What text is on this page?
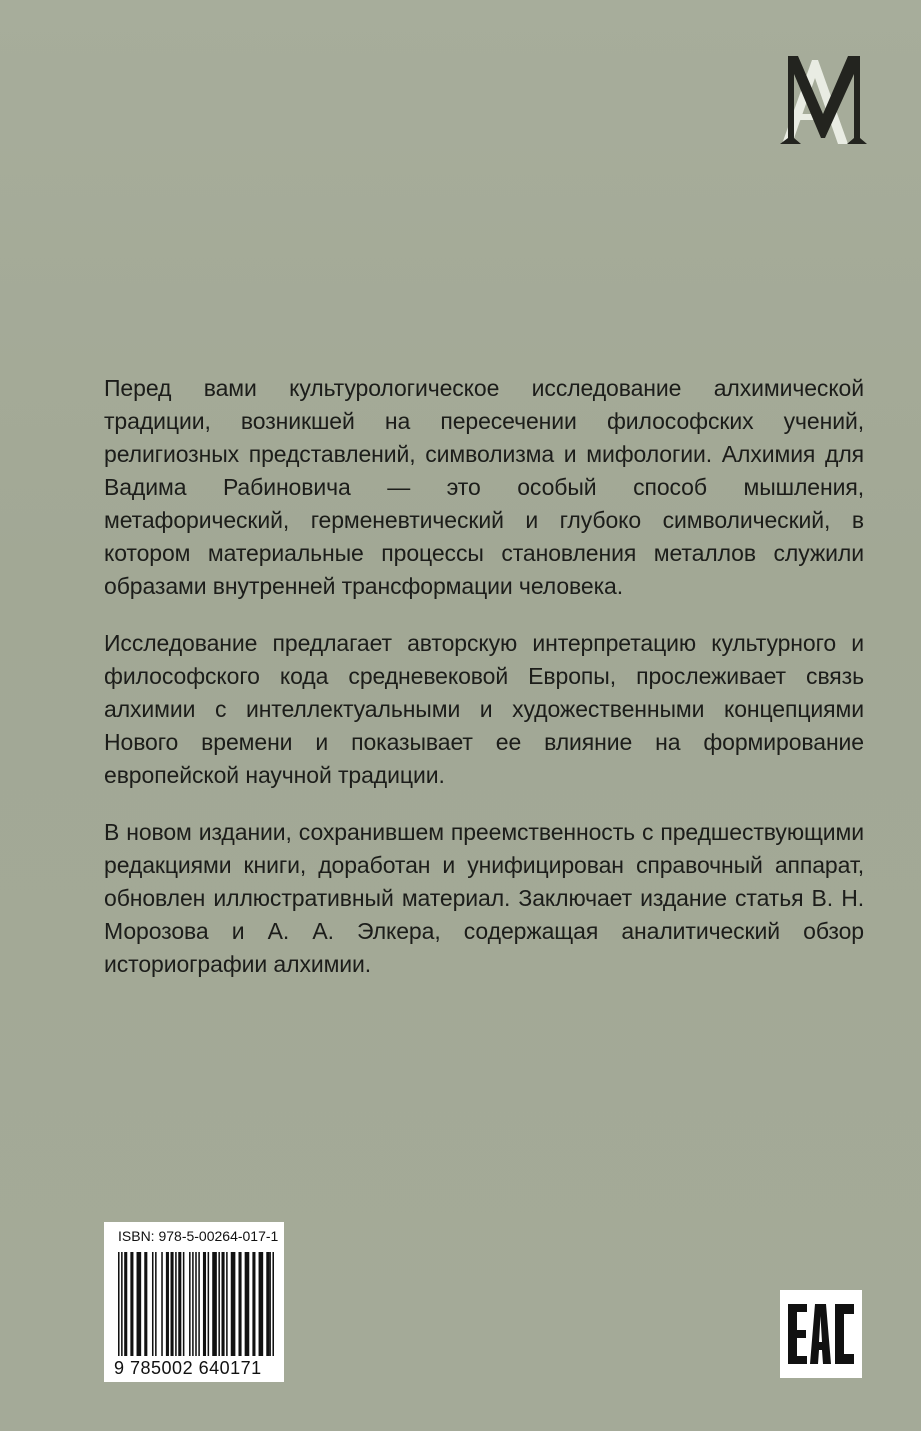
Перед вами культурологическое исследование алхимической традиции, возникшей на пересечении философских учений, религиозных представлений, символизма и мифологии. Алхимия для Вадима Рабиновича — это особый способ мышления, метафорический, герменевтический и глубоко символический, в котором материальные процессы становления металлов служили образами внутренней трансформации человека.

Исследование предлагает авторскую интерпретацию культурного и философского кода средневековой Европы, прослеживает связь алхимии с интеллектуальными и художественными концепциями Нового времени и показывает ее влияние на формирование европейской научной традиции.

В новом издании, сохранившем преемственность с предшествующими редакциями книги, доработан и унифицирован справочный аппарат, обновлен иллюстративный материал. Заключает издание статья В. Н. Морозова и А. А. Элкера, содержащая аналитический обзор историографии алхимии.

ISBN: 978-5-00264-017-1
9 785002 640171
